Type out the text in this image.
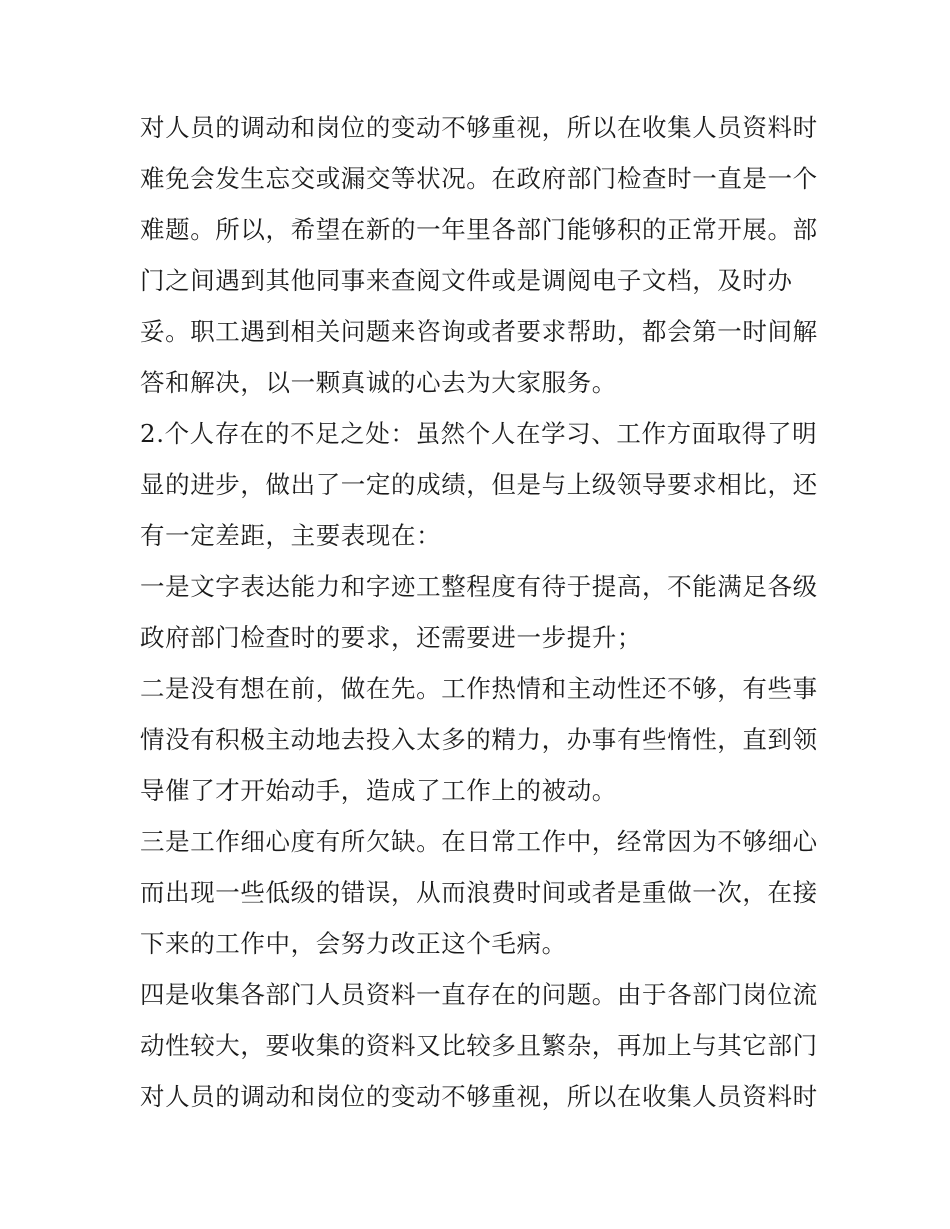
对人员的调动和岗位的变动不够重视，所以在收集人员资料时
难免会发生忘交或漏交等状况。在政府部门检查时一直是一个
难题。所以，希望在新的一年里各部门能够积的正常开展。部
门之间遇到其他同事来查阅文件或是调阅电子文档，及时办
妥。职工遇到相关问题来咨询或者要求帮助，都会第一时间解
答和解决，以一颗真诚的心去为大家服务。
2.个人存在的不足之处：虽然个人在学习、工作方面取得了明
显的进步，做出了一定的成绩，但是与上级领导要求相比，还
有一定差距，主要表现在：
一是文字表达能力和字迹工整程度有待于提高，不能满足各级
政府部门检查时的要求，还需要进一步提升；
二是没有想在前，做在先。工作热情和主动性还不够，有些事
情没有积极主动地去投入太多的精力，办事有些惰性，直到领
导催了才开始动手，造成了工作上的被动。
三是工作细心度有所欠缺。在日常工作中，经常因为不够细心
而出现一些低级的错误，从而浪费时间或者是重做一次，在接
下来的工作中，会努力改正这个毛病。
四是收集各部门人员资料一直存在的问题。由于各部门岗位流
动性较大，要收集的资料又比较多且繁杂，再加上与其它部门
对人员的调动和岗位的变动不够重视，所以在收集人员资料时
